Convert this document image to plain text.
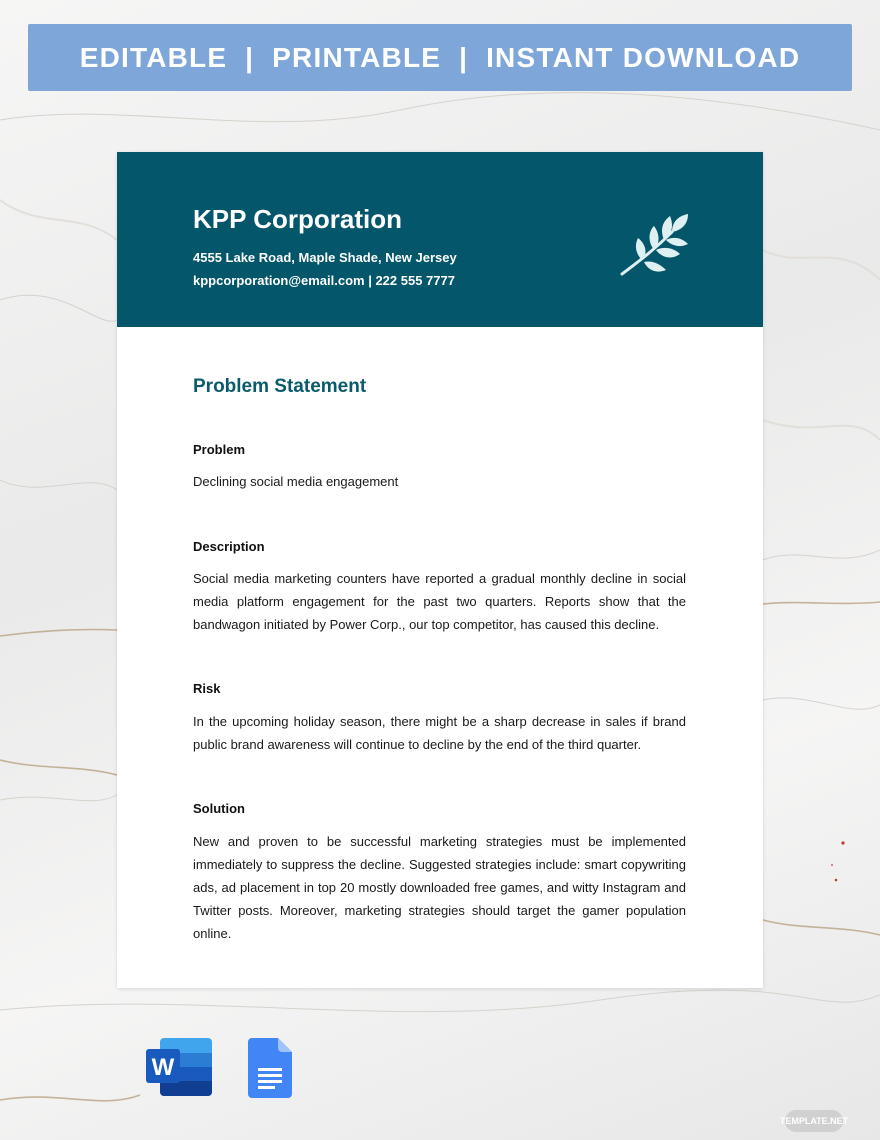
EDITABLE  |  PRINTABLE  |  INSTANT DOWNLOAD
KPP Corporation
4555 Lake Road, Maple Shade, New Jersey
kppcorporation@email.com | 222 555 7777
Problem Statement
Problem
Declining social media engagement
Description
Social media marketing counters have reported a gradual monthly decline in social media platform engagement for the past two quarters. Reports show that the bandwagon initiated by Power Corp., our top competitor, has caused this decline.
Risk
In the upcoming holiday season, there might be a sharp decrease in sales if brand public brand awareness will continue to decline by the end of the third quarter.
Solution
New and proven to be successful marketing strategies must be implemented immediately to suppress the decline. Suggested strategies include: smart copywriting ads, ad placement in top 20 mostly downloaded free games, and witty Instagram and Twitter posts. Moreover, marketing strategies should target the gamer population online.
W
TEMPLATE.NET
